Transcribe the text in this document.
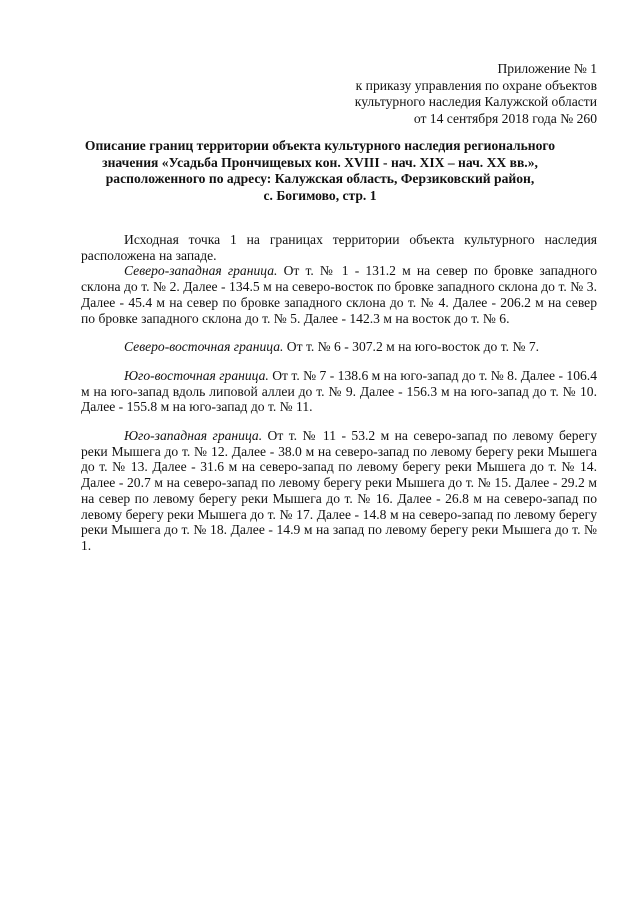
Приложение № 1
к приказу управления по охране объектов
культурного наследия Калужской области
от 14 сентября 2018 года № 260
Описание границ территории объекта культурного наследия регионального
значения «Усадьба Прончищевых кон. XVIII - нач. XIX – нач. XX вв.»,
расположенного по адресу: Калужская область, Ферзиковский район,
с. Богимово, стр. 1

Исходная точка 1 на границах территории объекта культурного наследия расположена на западе.

Северо-западная граница. От т. № 1 - 131.2 м на север по бровке западного склона до т. № 2. Далее - 134.5 м на северо-восток по бровке западного склона до т. № 3. Далее - 45.4 м на север по бровке западного склона до т. № 4. Далее - 206.2 м на север по бровке западного склона до т. № 5. Далее - 142.3 м на восток до т. № 6.

Северо-восточная граница. От т. № 6 - 307.2 м на юго-восток до т. № 7.

Юго-восточная граница. От т. № 7 - 138.6 м на юго-запад до т. № 8. Далее - 106.4 м на юго-запад вдоль липовой аллеи до т. № 9. Далее - 156.3 м на юго-запад до т. № 10. Далее - 155.8 м на юго-запад до т. № 11.

Юго-западная граница. От т. № 11 - 53.2 м на северо-запад по левому берегу реки Мышега до т. № 12. Далее - 38.0 м на северо-запад по левому берегу реки Мышега до т. № 13. Далее - 31.6 м на северо-запад по левому берегу реки Мышега до т. № 14. Далее - 20.7 м на северо-запад по левому берегу реки Мышега до т. № 15. Далее - 29.2 м на север по левому берегу реки Мышега до т. № 16. Далее - 26.8 м на северо-запад по левому берегу реки Мышега до т. № 17. Далее - 14.8 м на северо-запад по левому берегу реки Мышега до т. № 18. Далее - 14.9 м на запад по левому берегу реки Мышега до т. № 1.
